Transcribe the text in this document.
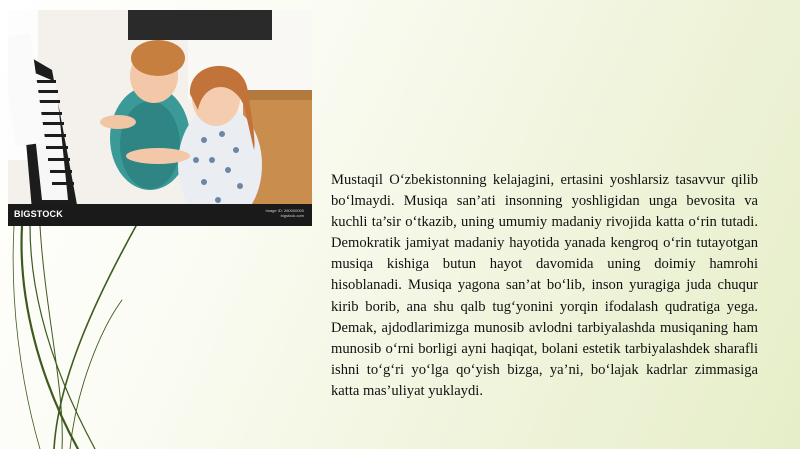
BIGSTOCK	Image ID: 260000000
bigstock.com

Mustaqil O‘zbekistonning kelajagini, ertasini yoshlarsiz tasavvur qilib bo‘lmaydi. Musiqa san’ati insonning yoshligidan unga bevosita va kuchli ta’sir o‘tkazib, uning umumiy madaniy rivojida katta o‘rin tutadi. Demokratik jamiyat madaniy hayotida yanada kengroq o‘rin tutayotgan musiqa kishiga butun hayot davomida uning doimiy hamrohi hisoblanadi. Musiqa yagona san’at bo‘lib, inson yuragiga juda chuqur kirib borib, ana shu qalb tug‘yonini yorqin ifodalash qudratiga yega. Demak, ajdodlarimizga munosib avlodni tarbiyalashda musiqaning ham munosib o‘rni borligi ayni haqiqat, bolani estetik tarbiyalashdek sharafli ishni to‘g‘ri yo‘lga qo‘yish bizga, ya’ni, bo‘lajak kadrlar zimmasiga katta mas’uliyat yuklaydi.
